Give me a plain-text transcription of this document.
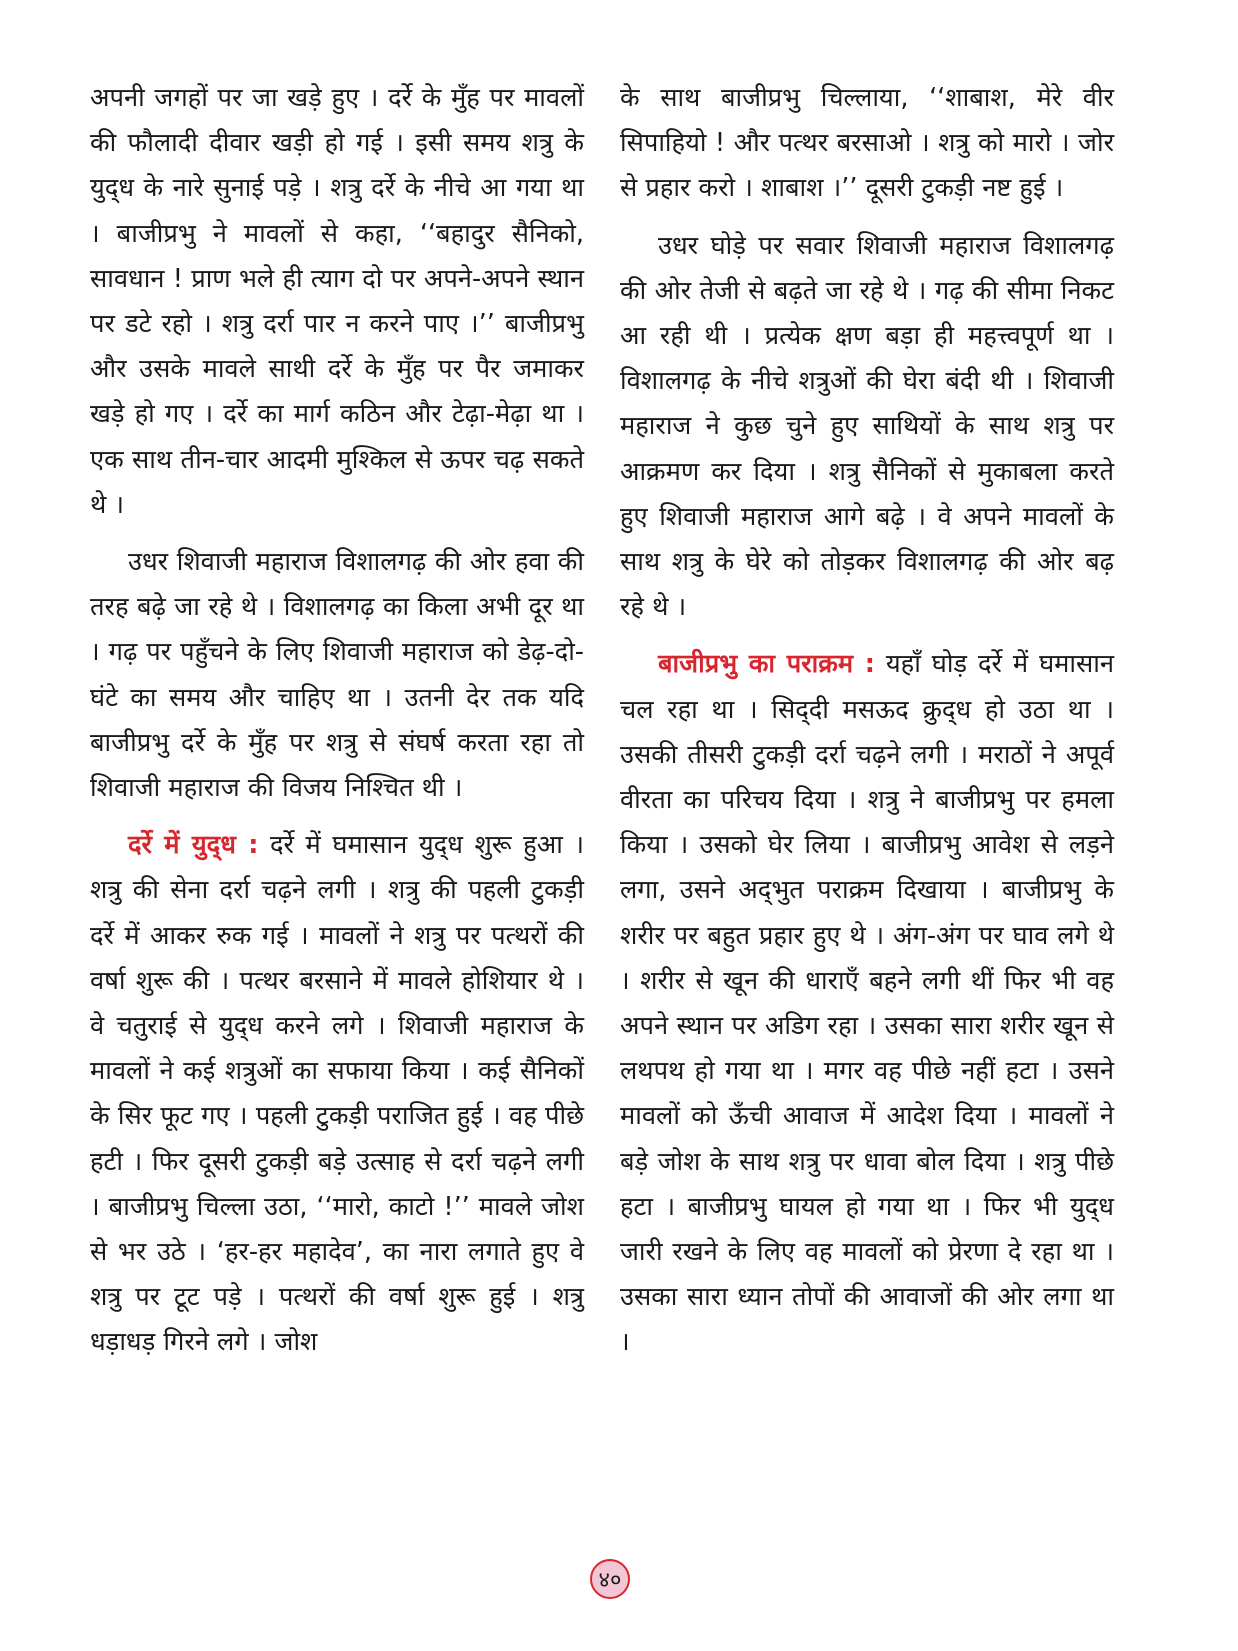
अपनी जगहों पर जा खड़े हुए । दर्रे के मुँह पर मावलों की फौलादी दीवार खड़ी हो गई । इसी समय शत्रु के युद्‍ध के नारे सुनाई पड़े । शत्रु दर्रे के नीचे आ गया था । बाजीप्रभु ने मावलों से कहा, ‘‘बहादुर सैनिको, सावधान ! प्राण भले ही त्याग दो पर अपने-अपने स्थान पर डटे रहो । शत्रु दर्रा पार न करने पाए ।’’ बाजीप्रभु और उसके मावले साथी दर्रे के मुँह पर पैर जमाकर खड़े हो गए । दर्रे का मार्ग कठिन और टेढ़ा-मेढ़ा था । एक साथ तीन-चार आदमी मुश्किल से ऊपर चढ़ सकते थे ।

उधर शिवाजी महाराज विशालगढ़ की ओर हवा की तरह बढ़े जा रहे थे । विशालगढ़ का किला अभी दूर था । गढ़ पर पहुँचने के लिए शिवाजी महाराज को डेढ़-दो-घंटे का समय और चाहिए था । उतनी देर तक यदि बाजीप्रभु दर्रे के मुँह पर शत्रु से संघर्ष करता रहा तो शिवाजी महाराज की विजय निश्चित थी ।

दर्रे में युद्‍ध : दर्रे में घमासान युद्‍ध शुरू हुआ । शत्रु की सेना दर्रा चढ़ने लगी । शत्रु की पहली टुकड़ी दर्रे में आकर रुक गई । मावलों ने शत्रु पर पत्थरों की वर्षा शुरू की । पत्थर बरसाने में मावले होशियार थे । वे चतुराई से युद्‍ध करने लगे । शिवाजी महाराज के मावलों ने कई शत्रुओं का सफाया किया । कई सैनिकों के सिर फूट गए । पहली टुकड़ी पराजित हुई । वह पीछे हटी । फिर दूसरी टुकड़ी बड़े उत्साह से दर्रा चढ़ने लगी । बाजीप्रभु चिल्ला उठा, ‘‘मारो, काटो !’’ मावले जोश से भर उठे । ‘हर-हर महादेव’, का नारा लगाते हुए वे शत्रु पर टूट पड़े । पत्थरों की वर्षा शुरू हुई । शत्रु धड़ाधड़ गिरने लगे । जोश

के साथ बाजीप्रभु चिल्लाया, ‘‘शाबाश, मेरे वीर सिपाहियो ! और पत्थर बरसाओ । शत्रु को मारो । जोर से प्रहार करो । शाबाश ।’’ दूसरी टुकड़ी नष्ट हुई ।

उधर घोड़े पर सवार शिवाजी महाराज विशालगढ़ की ओर तेजी से बढ़ते जा रहे थे । गढ़ की सीमा निकट आ रही थी । प्रत्येक क्षण बड़ा ही महत्त्वपूर्ण था । विशालगढ़ के नीचे शत्रुओं की घेरा बंदी थी । शिवाजी महाराज ने कुछ चुने हुए साथियों के साथ शत्रु पर आक्रमण कर दिया । शत्रु सैनिकों से मुकाबला करते हुए शिवाजी महाराज आगे बढ़े । वे अपने मावलों के साथ शत्रु के घेरे को तोड़कर विशालगढ़ की ओर बढ़ रहे थे ।

बाजीप्रभु का पराक्रम : यहाँ घोड़ दर्रे में घमासान चल रहा था । सिद्‍दी मसऊद क्रुद्‍ध हो उठा था । उसकी तीसरी टुकड़ी दर्रा चढ़ने लगी । मराठों ने अपूर्व वीरता का परिचय दिया । शत्रु ने बाजीप्रभु पर हमला किया । उसको घेर लिया । बाजीप्रभु आवेश से लड़ने लगा, उसने अद्‍भुत पराक्रम दिखाया । बाजीप्रभु के शरीर पर बहुत प्रहार हुए थे । अंग-अंग पर घाव लगे थे । शरीर से खून की धाराएँ बहने लगी थीं फिर भी वह अपने स्थान पर अडिग रहा । उसका सारा शरीर खून से लथपथ हो गया था । मगर वह पीछे नहीं हटा । उसने मावलों को ऊँची आवाज में आदेश दिया । मावलों ने बड़े जोश के साथ शत्रु पर धावा बोल दिया । शत्रु पीछे हटा । बाजीप्रभु घायल हो गया था । फिर भी युद्‍ध जारी रखने के लिए वह मावलों को प्रेरणा दे रहा था । उसका सारा ध्यान तोपों की आवाजों की ओर लगा था ।

४०
